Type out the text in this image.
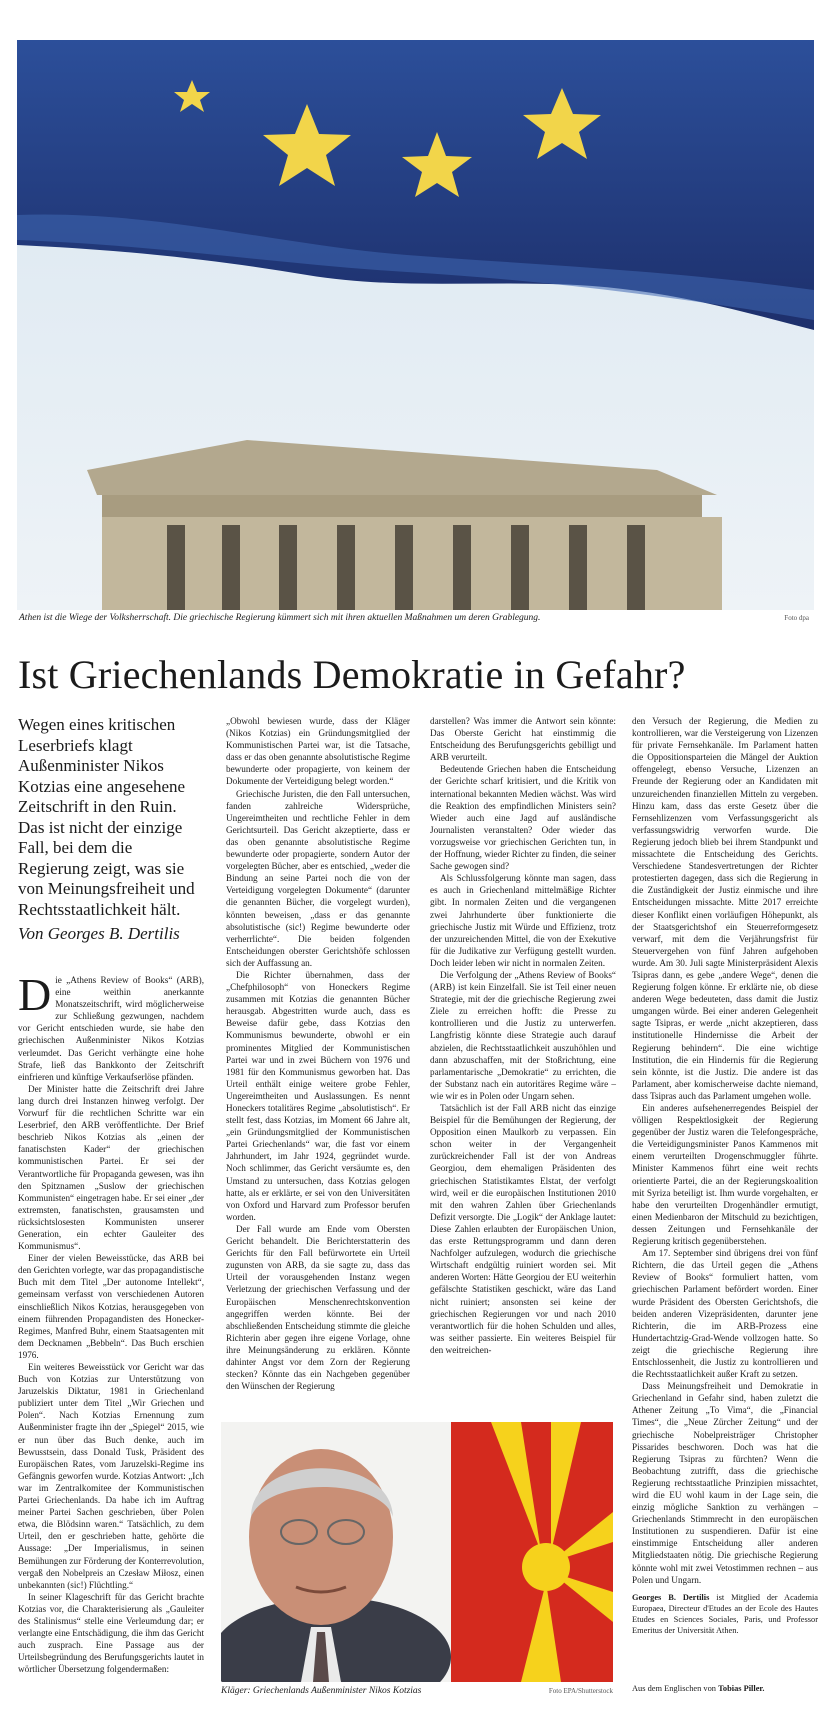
Athen ist die Wiege der Volksherrschaft. Die griechische Regierung kümmert sich mit ihren aktuellen Maßnahmen um deren Grablegung.	Foto dpa
Ist Griechenlands Demokratie in Gefahr?

Wegen eines kritischen Leserbriefs klagt Außenminister Nikos Kotzias eine angesehene Zeitschrift in den Ruin. Das ist nicht der einzige Fall, bei dem die Regierung zeigt, was sie von Meinungsfreiheit und Rechtsstaatlichkeit hält.

Von Georges B. Dertilis

Die „Athens Review of Books“ (ARB), eine weithin anerkannte Monatszeitschrift, wird möglicherweise zur Schließung gezwungen, nachdem vor Gericht entschieden wurde, sie habe den griechischen Außenminister Nikos Kotzias verleumdet. Das Gericht verhängte eine hohe Strafe, ließ das Bankkonto der Zeitschrift einfrieren und künftige Verkaufserlöse pfänden.

Der Minister hatte die Zeitschrift drei Jahre lang durch drei Instanzen hinweg verfolgt. Der Vorwurf für die rechtlichen Schritte war ein Leserbrief, den ARB veröffentlichte. Der Brief beschrieb Nikos Kotzias als „einen der fanatischsten Kader“ der griechischen kommunistischen Partei. Er sei der Verantwortliche für Propaganda gewesen, was ihn den Spitznamen „Suslow der griechischen Kommunisten“ eingetragen habe. Er sei einer „der extremsten, fanatischsten, grausamsten und rücksichtslosesten Kommunisten unserer Generation, ein echter Gauleiter des Kommunismus“.

Einer der vielen Beweisstücke, das ARB bei den Gerichten vorlegte, war das propagandistische Buch mit dem Titel „Der autonome Intellekt“, gemeinsam verfasst von verschiedenen Autoren einschließlich Nikos Kotzias, herausgegeben von einem führenden Propagandisten des Honecker-Regimes, Manfred Buhr, einem Staatsagenten mit dem Decknamen „Bebbeln“. Das Buch erschien 1976.

Ein weiteres Beweisstück vor Gericht war das Buch von Kotzias zur Unterstützung von Jaruzelskis Diktatur, 1981 in Griechenland publiziert unter dem Titel „Wir Griechen und Polen“. Nach Kotzias Ernennung zum Außenminister fragte ihn der „Spiegel“ 2015, wie er nun über das Buch denke, auch im Bewusstsein, dass Donald Tusk, Präsident des Europäischen Rates, vom Jaruzelski-Regime ins Gefängnis geworfen wurde. Kotzias Antwort: „Ich war im Zentralkomitee der Kommunistischen Partei Griechenlands. Da habe ich im Auftrag meiner Partei Sachen geschrieben, über Polen etwa, die Blödsinn waren.“ Tatsächlich, zu dem Urteil, den er geschrieben hatte, gehörte die Aussage: „Der Imperialismus, in seinen Bemühungen zur Förderung der Konterrevolution, vergaß den Nobelpreis an Czesław Miłosz, einen unbekannten (sic!) Flüchtling.“

In seiner Klageschrift für das Gericht brachte Kotzias vor, die Charakterisierung als „Gauleiter des Stalinismus“ stelle eine Verleumdung dar; er verlangte eine Entschädigung, die ihm das Gericht auch zusprach. Eine Passage aus der Urteilsbegründung des Berufungsgerichts lautet in wörtlicher Übersetzung folgendermaßen:

„Obwohl bewiesen wurde, dass der Kläger (Nikos Kotzias) ein Gründungsmitglied der Kommunistischen Partei war, ist die Tatsache, dass er das oben genannte absolutistische Regime bewunderte oder propagierte, von keinem der Dokumente der Verteidigung belegt worden.“

Griechische Juristen, die den Fall untersuchen, fanden zahlreiche Widersprüche, Ungereimtheiten und rechtliche Fehler in dem Gerichtsurteil. Das Gericht akzeptierte, dass er das oben genannte absolutistische Regime bewunderte oder propagierte, sondern Autor der vorgelegten Bücher, aber es entschied, „weder die Bindung an seine Partei noch die von der Verteidigung vorgelegten Dokumente“ (darunter die genannten Bücher, die vorgelegt wurden), könnten beweisen, „dass er das genannte absolutistische (sic!) Regime bewunderte oder verherrlichte“. Die beiden folgenden Entscheidungen oberster Gerichtshöfe schlossen sich der Auffassung an.

Die Richter übernahmen, dass der „Chefphilosoph“ von Honeckers Regime zusammen mit Kotzias die genannten Bücher herausgab. Abgestritten wurde auch, dass es Beweise dafür gebe, dass Kotzias den Kommunismus bewunderte, obwohl er ein prominentes Mitglied der Kommunistischen Partei war und in zwei Büchern von 1976 und 1981 für den Kommunismus geworben hat. Das Urteil enthält einige weitere grobe Fehler, Ungereimtheiten und Auslassungen. Es nennt Honeckers totalitäres Regime „absolutistisch“. Er stellt fest, dass Kotzias, im Moment 66 Jahre alt, „ein Gründungsmitglied der Kommunistischen Partei Griechenlands“ war, die fast vor einem Jahrhundert, im Jahr 1924, gegründet wurde. Noch schlimmer, das Gericht versäumte es, den Umstand zu untersuchen, dass Kotzias gelogen hatte, als er erklärte, er sei von den Universitäten von Oxford und Harvard zum Professor berufen worden.

Der Fall wurde am Ende vom Obersten Gericht behandelt. Die Berichterstatterin des Gerichts für den Fall befürwortete ein Urteil zugunsten von ARB, da sie sagte zu, dass das Urteil der vorausgehenden Instanz wegen Verletzung der griechischen Verfassung und der Europäischen Menschenrechtskonvention angegriffen werden könnte. Bei der abschließenden Entscheidung stimmte die gleiche Richterin aber gegen ihre eigene Vorlage, ohne ihre Meinungsänderung zu erklären. Könnte dahinter Angst vor dem Zorn der Regierung stecken? Könnte das ein Nachgeben gegenüber den Wünschen der Regierung

darstellen? Was immer die Antwort sein könnte: Das Oberste Gericht hat einstimmig die Entscheidung des Berufungsgerichts gebilligt und ARB verurteilt.

Bedeutende Griechen haben die Entscheidung der Gerichte scharf kritisiert, und die Kritik von international bekannten Medien wächst. Was wird die Reaktion des empfindlichen Ministers sein? Wieder auch eine Jagd auf ausländische Journalisten veranstalten? Oder wieder das vorzugsweise vor griechischen Gerichten tun, in der Hoffnung, wieder Richter zu finden, die seiner Sache gewogen sind?

Als Schlussfolgerung könnte man sagen, dass es auch in Griechenland mittelmäßige Richter gibt. In normalen Zeiten und die vergangenen zwei Jahrhunderte über funktionierte die griechische Justiz mit Würde und Effizienz, trotz der unzureichenden Mittel, die von der Exekutive für die Judikative zur Verfügung gestellt wurden. Doch leider leben wir nicht in normalen Zeiten.

Die Verfolgung der „Athens Review of Books“ (ARB) ist kein Einzelfall. Sie ist Teil einer neuen Strategie, mit der die griechische Regierung zwei Ziele zu erreichen hofft: die Presse zu kontrollieren und die Justiz zu unterwerfen. Langfristig könnte diese Strategie auch darauf abzielen, die Rechtsstaatlichkeit auszuhöhlen und dann abzuschaffen, mit der Stoßrichtung, eine parlamentarische „Demokratie“ zu errichten, die der Substanz nach ein autoritäres Regime wäre – wie wir es in Polen oder Ungarn sehen.

Tatsächlich ist der Fall ARB nicht das einzige Beispiel für die Bemühungen der Regierung, der Opposition einen Maulkorb zu verpassen. Ein schon weiter in der Vergangenheit zurückreichender Fall ist der von Andreas Georgiou, dem ehemaligen Präsidenten des griechischen Statistikamtes Elstat, der verfolgt wird, weil er die europäischen Institutionen 2010 mit den wahren Zahlen über Griechenlands Defizit versorgte. Die „Logik“ der Anklage lautet: Diese Zahlen erlaubten der Europäischen Union, das erste Rettungsprogramm und dann deren Nachfolger aufzulegen, wodurch die griechische Wirtschaft endgültig ruiniert worden sei. Mit anderen Worten: Hätte Georgiou der EU weiterhin gefälschte Statistiken geschickt, wäre das Land nicht ruiniert; ansonsten sei keine der griechischen Regierungen vor und nach 2010 verantwortlich für die hohen Schulden und alles, was seither passierte. Ein weiteres Beispiel für den weitreichen-

den Versuch der Regierung, die Medien zu kontrollieren, war die Versteigerung von Lizenzen für private Fernsehkanäle. Im Parlament hatten die Oppositionsparteien die Mängel der Auktion offengelegt, ebenso Versuche, Lizenzen an Freunde der Regierung oder an Kandidaten mit unzureichenden finanziellen Mitteln zu vergeben. Hinzu kam, dass das erste Gesetz über die Fernsehlizenzen vom Verfassungsgericht als verfassungswidrig verworfen wurde. Die Regierung jedoch blieb bei ihrem Standpunkt und missachtete die Entscheidung des Gerichts. Verschiedene Standesvertretungen der Richter protestierten dagegen, dass sich die Regierung in die Zuständigkeit der Justiz einmische und ihre Entscheidungen missachte. Mitte 2017 erreichte dieser Konflikt einen vorläufigen Höhepunkt, als der Staatsgerichtshof ein Steuerreformgesetz verwarf, mit dem die Verjährungsfrist für Steuervergehen von fünf Jahren aufgehoben wurde. Am 30. Juli sagte Ministerpräsident Alexis Tsipras dann, es gebe „andere Wege“, denen die Regierung folgen könne. Er erklärte nie, ob diese anderen Wege bedeuteten, dass damit die Justiz umgangen würde. Bei einer anderen Gelegenheit sagte Tsipras, er werde „nicht akzeptieren, dass institutionelle Hindernisse die Arbeit der Regierung behindern“. Die eine wichtige Institution, die ein Hindernis für die Regierung sein könnte, ist die Justiz. Die andere ist das Parlament, aber komischerweise dachte niemand, dass Tsipras auch das Parlament umgehen wolle.

Ein anderes aufsehenerregendes Beispiel der völligen Respektlosigkeit der Regierung gegenüber der Justiz waren die Telefongespräche, die Verteidigungsminister Panos Kammenos mit einem verurteilten Drogenschmuggler führte. Minister Kammenos führt eine weit rechts orientierte Partei, die an der Regierungskoalition mit Syriza beteiligt ist. Ihm wurde vorgehalten, er habe den verurteilten Drogenhändler ermutigt, einen Medienbaron der Mitschuld zu bezichtigen, dessen Zeitungen und Fernsehkanäle der Regierung kritisch gegenüberstehen.

Am 17. September sind übrigens drei von fünf Richtern, die das Urteil gegen die „Athens Review of Books“ formuliert hatten, vom griechischen Parlament befördert worden. Einer wurde Präsident des Obersten Gerichtshofs, die beiden anderen Vizepräsidenten, darunter jene Richterin, die im ARB-Prozess eine Hundertachtzig-Grad-Wende vollzogen hatte. So zeigt die griechische Regierung ihre Entschlossenheit, die Justiz zu kontrollieren und die Rechtsstaatlichkeit außer Kraft zu setzen.

Dass Meinungsfreiheit und Demokratie in Griechenland in Gefahr sind, haben zuletzt die Athener Zeitung „To Vima“, die „Financial Times“, die „Neue Zürcher Zeitung“ und der griechische Nobelpreisträger Christopher Pissarides beschworen. Doch was hat die Regierung Tsipras zu fürchten? Wenn die Beobachtung zutrifft, dass die griechische Regierung rechtsstaatliche Prinzipien missachtet, wird die EU wohl kaum in der Lage sein, die einzig mögliche Sanktion zu verhängen – Griechenlands Stimmrecht in den europäischen Institutionen zu suspendieren. Dafür ist eine einstimmige Entscheidung aller anderen Mitgliedstaaten nötig. Die griechische Regierung könnte wohl mit zwei Vetostimmen rechnen – aus Polen und Ungarn.

Georges B. Dertilis ist Mitglied der Academia Europaea, Directeur d'Etudes an der Ecole des Hautes Etudes en Sciences Sociales, Paris, und Professor Emeritus der Universität Athen.

Kläger: Griechenlands Außenminister Nikos Kotzias	Foto EPA/Shutterstock Aus dem Englischen von Tobias Piller.
